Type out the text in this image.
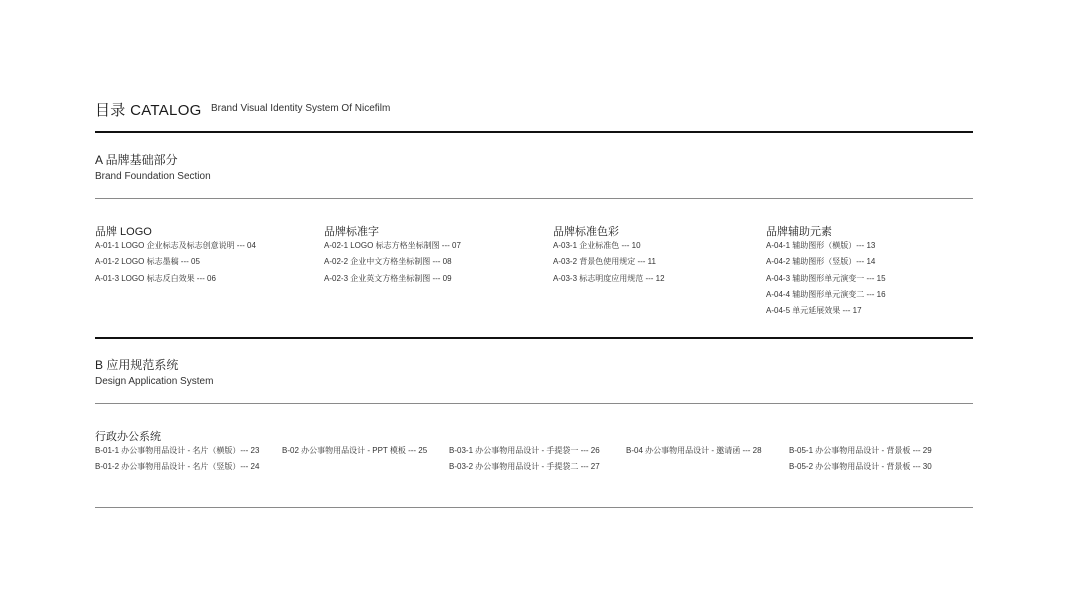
目录 CATALOG Brand Visual Identity System Of Nicefilm
A 品牌基础部分
Brand Foundation Section
品牌 LOGO
A-01-1 LOGO 企业标志及标志创意说明 --- 04
A-01-2 LOGO 标志墨稿 --- 05
A-01-3 LOGO 标志反白效果 --- 06
品牌标准字
A-02-1 LOGO 标志方格坐标制图 --- 07
A-02-2 企业中文方格坐标制图 --- 08
A-02-3 企业英文方格坐标制图 --- 09
品牌标准色彩
A-03-1 企业标准色 --- 10
A-03-2 背景色使用规定 --- 11
A-03-3 标志明度应用规范 --- 12
品牌辅助元素
A-04-1 辅助图形（横版）--- 13
A-04-2 辅助图形（竖版）--- 14
A-04-3 辅助图形单元演变一 --- 15
A-04-4 辅助图形单元演变二 --- 16
A-04-5 单元延展效果 --- 17
B 应用规范系统
Design Application System
行政办公系统
B-01-1 办公事物用品设计 - 名片（横版）--- 23
B-01-2 办公事物用品设计 - 名片（竖版）--- 24
B-02 办公事物用品设计 - PPT 模板 --- 25	B-03-1 办公事物用品设计 - 手提袋一 --- 26
B-03-2 办公事物用品设计 - 手提袋二 --- 27
B-04 办公事物用品设计 - 邀请函 --- 28	B-05-1 办公事物用品设计 - 背景板 --- 29
B-05-2 办公事物用品设计 - 背景板 --- 30
